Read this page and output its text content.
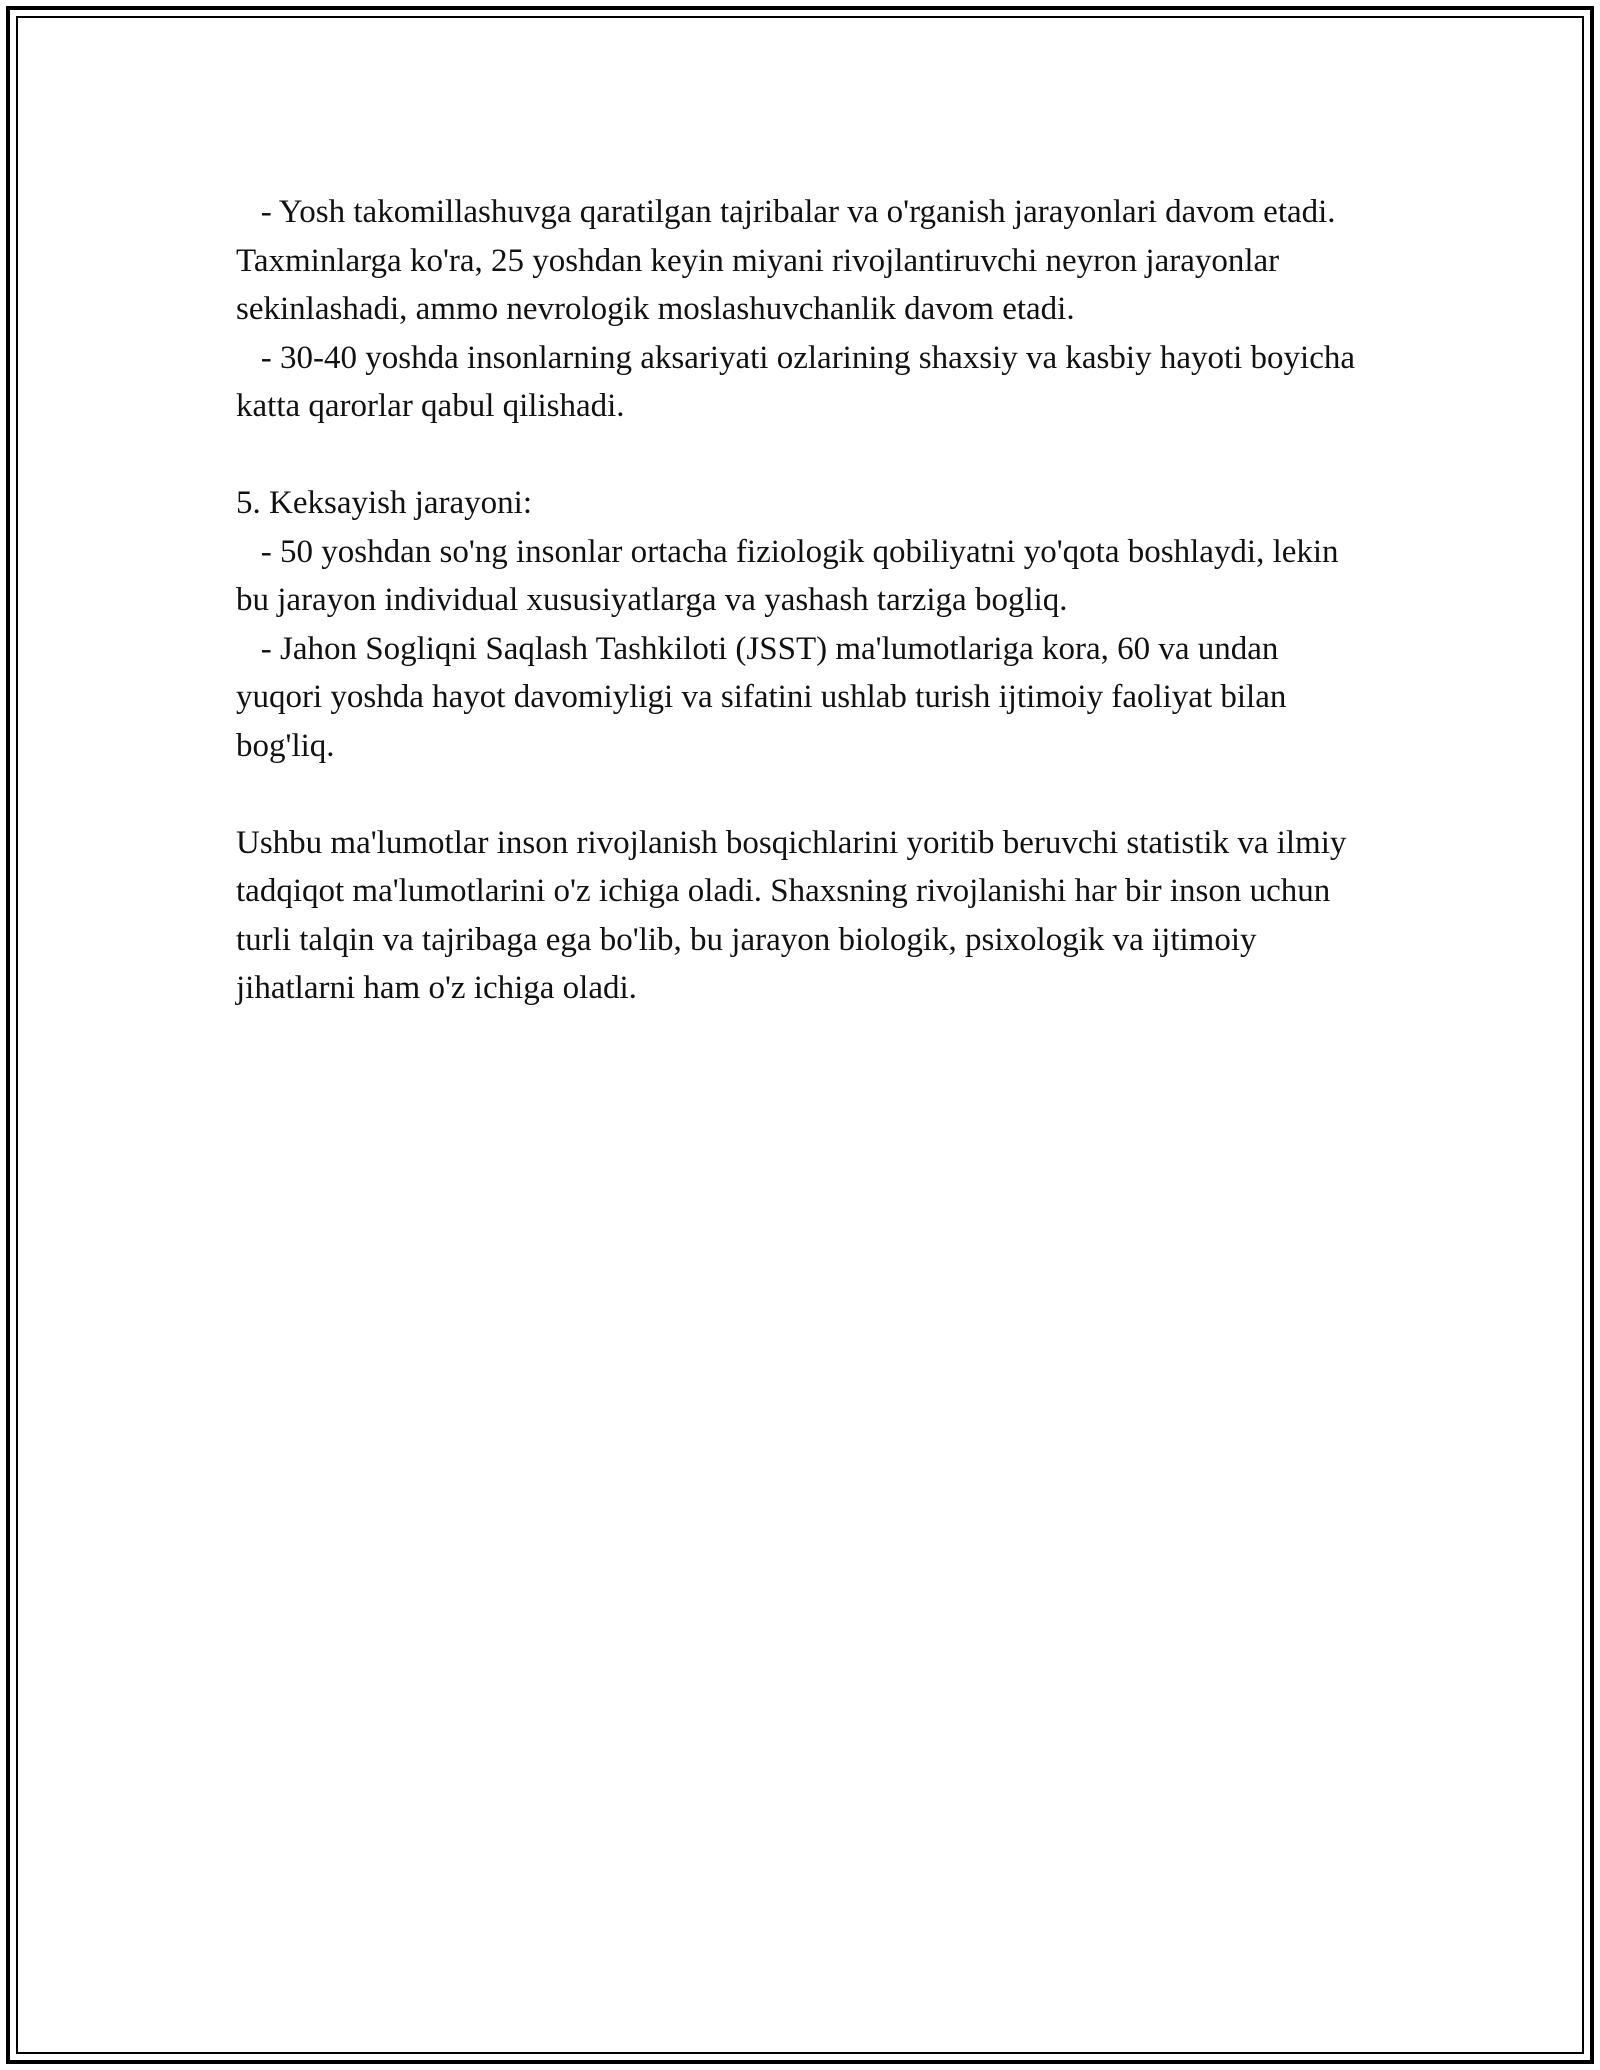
- Yosh takomillashuvga qaratilgan tajribalar va o'rganish jarayonlari davom etadi. Taxminlarga ko'ra, 25 yoshdan keyin miyani rivojlantiruvchi neyron jarayonlar sekinlashadi, ammo nevrologik moslashuvchanlik davom etadi.

- 30-40 yoshda insonlarning aksariyati ozlarining shaxsiy va kasbiy hayoti boyicha katta qarorlar qabul qilishadi.

5. Keksayish jarayoni:

- 50 yoshdan so'ng insonlar ortacha fiziologik qobiliyatni yo'qota boshlaydi, lekin bu jarayon individual xususiyatlarga va yashash tarziga bogliq.

- Jahon Sogliqni Saqlash Tashkiloti (JSST) ma'lumotlariga kora, 60 va undan yuqori yoshda hayot davomiyligi va sifatini ushlab turish ijtimoiy faoliyat bilan bog'liq.

Ushbu ma'lumotlar inson rivojlanish bosqichlarini yoritib beruvchi statistik va ilmiy tadqiqot ma'lumotlarini o'z ichiga oladi. Shaxsning rivojlanishi har bir inson uchun turli talqin va tajribaga ega bo'lib, bu jarayon biologik, psixologik va ijtimoiy jihatlarni ham o'z ichiga oladi.
